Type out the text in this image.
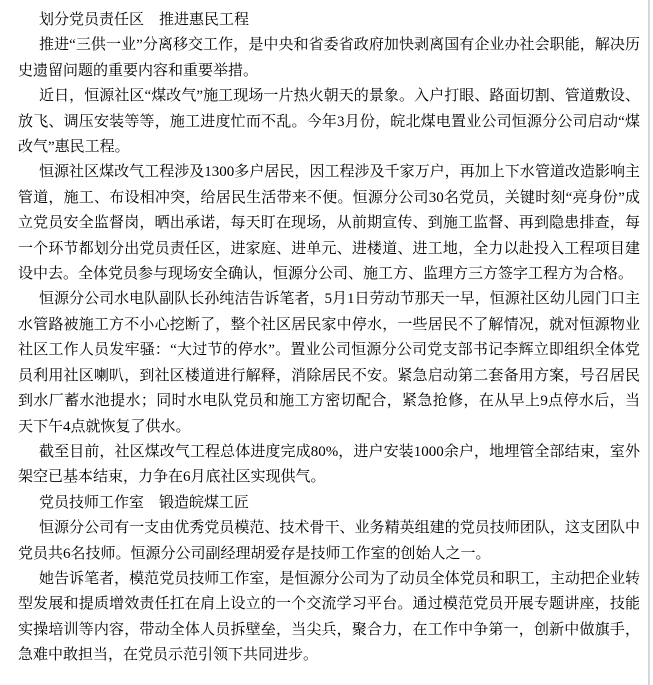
划分党员责任区　推进惠民工程

推进“三供一业”分离移交工作，是中央和省委省政府加快剥离国有企业办社会职能，解决历史遗留问题的重要内容和重要举措。

近日，恒源社区“煤改气”施工现场一片热火朝天的景象。入户打眼、路面切割、管道敷设、放飞、调压安装等等，施工进度忙而不乱。今年3月份，皖北煤电置业公司恒源分公司启动“煤改气”惠民工程。

恒源社区煤改气工程涉及1300多户居民，因工程涉及千家万户，再加上下水管道改造影响主管道，施工、布设相冲突，给居民生活带来不便。恒源分公司30名党员，关键时刻“亮身份”成立党员安全监督岗，晒出承诺，每天盯在现场，从前期宣传、到施工监督、再到隐患排查，每一个环节都划分出党员责任区，进家庭、进单元、进楼道、进工地，全力以赴投入工程项目建设中去。全体党员参与现场安全确认，恒源分公司、施工方、监理方三方签字工程方为合格。

恒源分公司水电队副队长孙纯洁告诉笔者，5月1日劳动节那天一早，恒源社区幼儿园门口主水管路被施工方不小心挖断了，整个社区居民家中停水，一些居民不了解情况，就对恒源物业社区工作人员发牢骚：“大过节的停水”。置业公司恒源分公司党支部书记李辉立即组织全体党员利用社区喇叭，到社区楼道进行解释，消除居民不安。紧急启动第二套备用方案，号召居民到水厂蓄水池提水；同时水电队党员和施工方密切配合，紧急抢修，在从早上9点停水后，当天下午4点就恢复了供水。

截至目前，社区煤改气工程总体进度完成80%，进户安装1000余户，地埋管全部结束，室外架空已基本结束，力争在6月底社区实现供气。

党员技师工作室　锻造皖煤工匠

恒源分公司有一支由优秀党员模范、技术骨干、业务精英组建的党员技师团队，这支团队中党员共6名技师。恒源分公司副经理胡爱存是技师工作室的创始人之一。

她告诉笔者，模范党员技师工作室，是恒源分公司为了动员全体党员和职工，主动把企业转型发展和提质增效责任扛在肩上设立的一个交流学习平台。通过模范党员开展专题讲座，技能实操培训等内容，带动全体人员拆壁垒，当尖兵，聚合力，在工作中争第一，创新中做旗手，急难中敢担当，在党员示范引领下共同进步。
